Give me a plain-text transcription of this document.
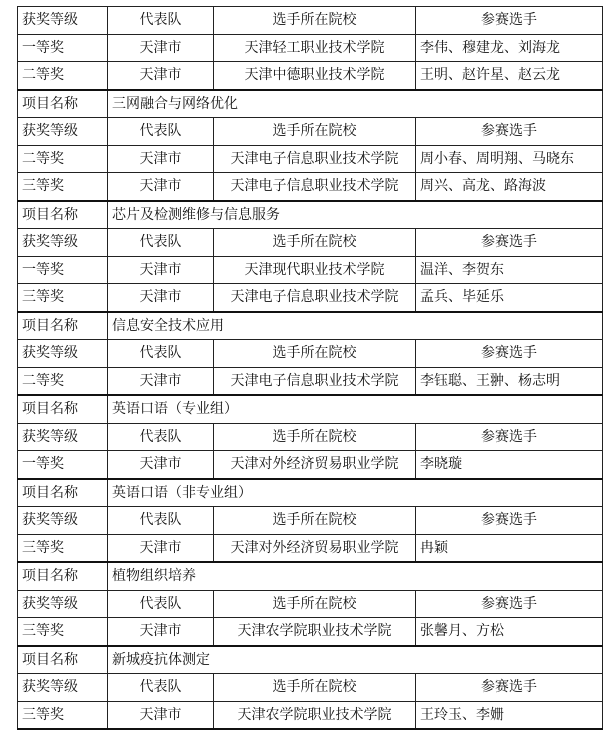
获奖等级	代表队	选手所在院校	参赛选手
一等奖	天津市	天津轻工职业技术学院	李伟、穆建龙、刘海龙
二等奖	天津市	天津中德职业技术学院	王明、赵许星、赵云龙
项目名称	三网融合与网络优化		
获奖等级	代表队	选手所在院校	参赛选手
二等奖	天津市	天津电子信息职业技术学院	周小春、周明翔、马晓东
三等奖	天津市	天津电子信息职业技术学院	周兴、高龙、路海波
项目名称	芯片及检测维修与信息服务		
获奖等级	代表队	选手所在院校	参赛选手
一等奖	天津市	天津现代职业技术学院	温洋、李贺东
三等奖	天津市	天津电子信息职业技术学院	孟兵、毕延乐
项目名称	信息安全技术应用		
获奖等级	代表队	选手所在院校	参赛选手
二等奖	天津市	天津电子信息职业技术学院	李钰聪、王翀、杨志明
项目名称	英语口语（专业组）		
获奖等级	代表队	选手所在院校	参赛选手
一等奖	天津市	天津对外经济贸易职业学院	李晓璇
项目名称	英语口语（非专业组）		
获奖等级	代表队	选手所在院校	参赛选手
三等奖	天津市	天津对外经济贸易职业学院	冉颖
项目名称	植物组织培养		
获奖等级	代表队	选手所在院校	参赛选手
三等奖	天津市	天津农学院职业技术学院	张馨月、方松
项目名称	新城疫抗体测定		
获奖等级	代表队	选手所在院校	参赛选手
三等奖	天津市	天津农学院职业技术学院	王玲玉、李姗
